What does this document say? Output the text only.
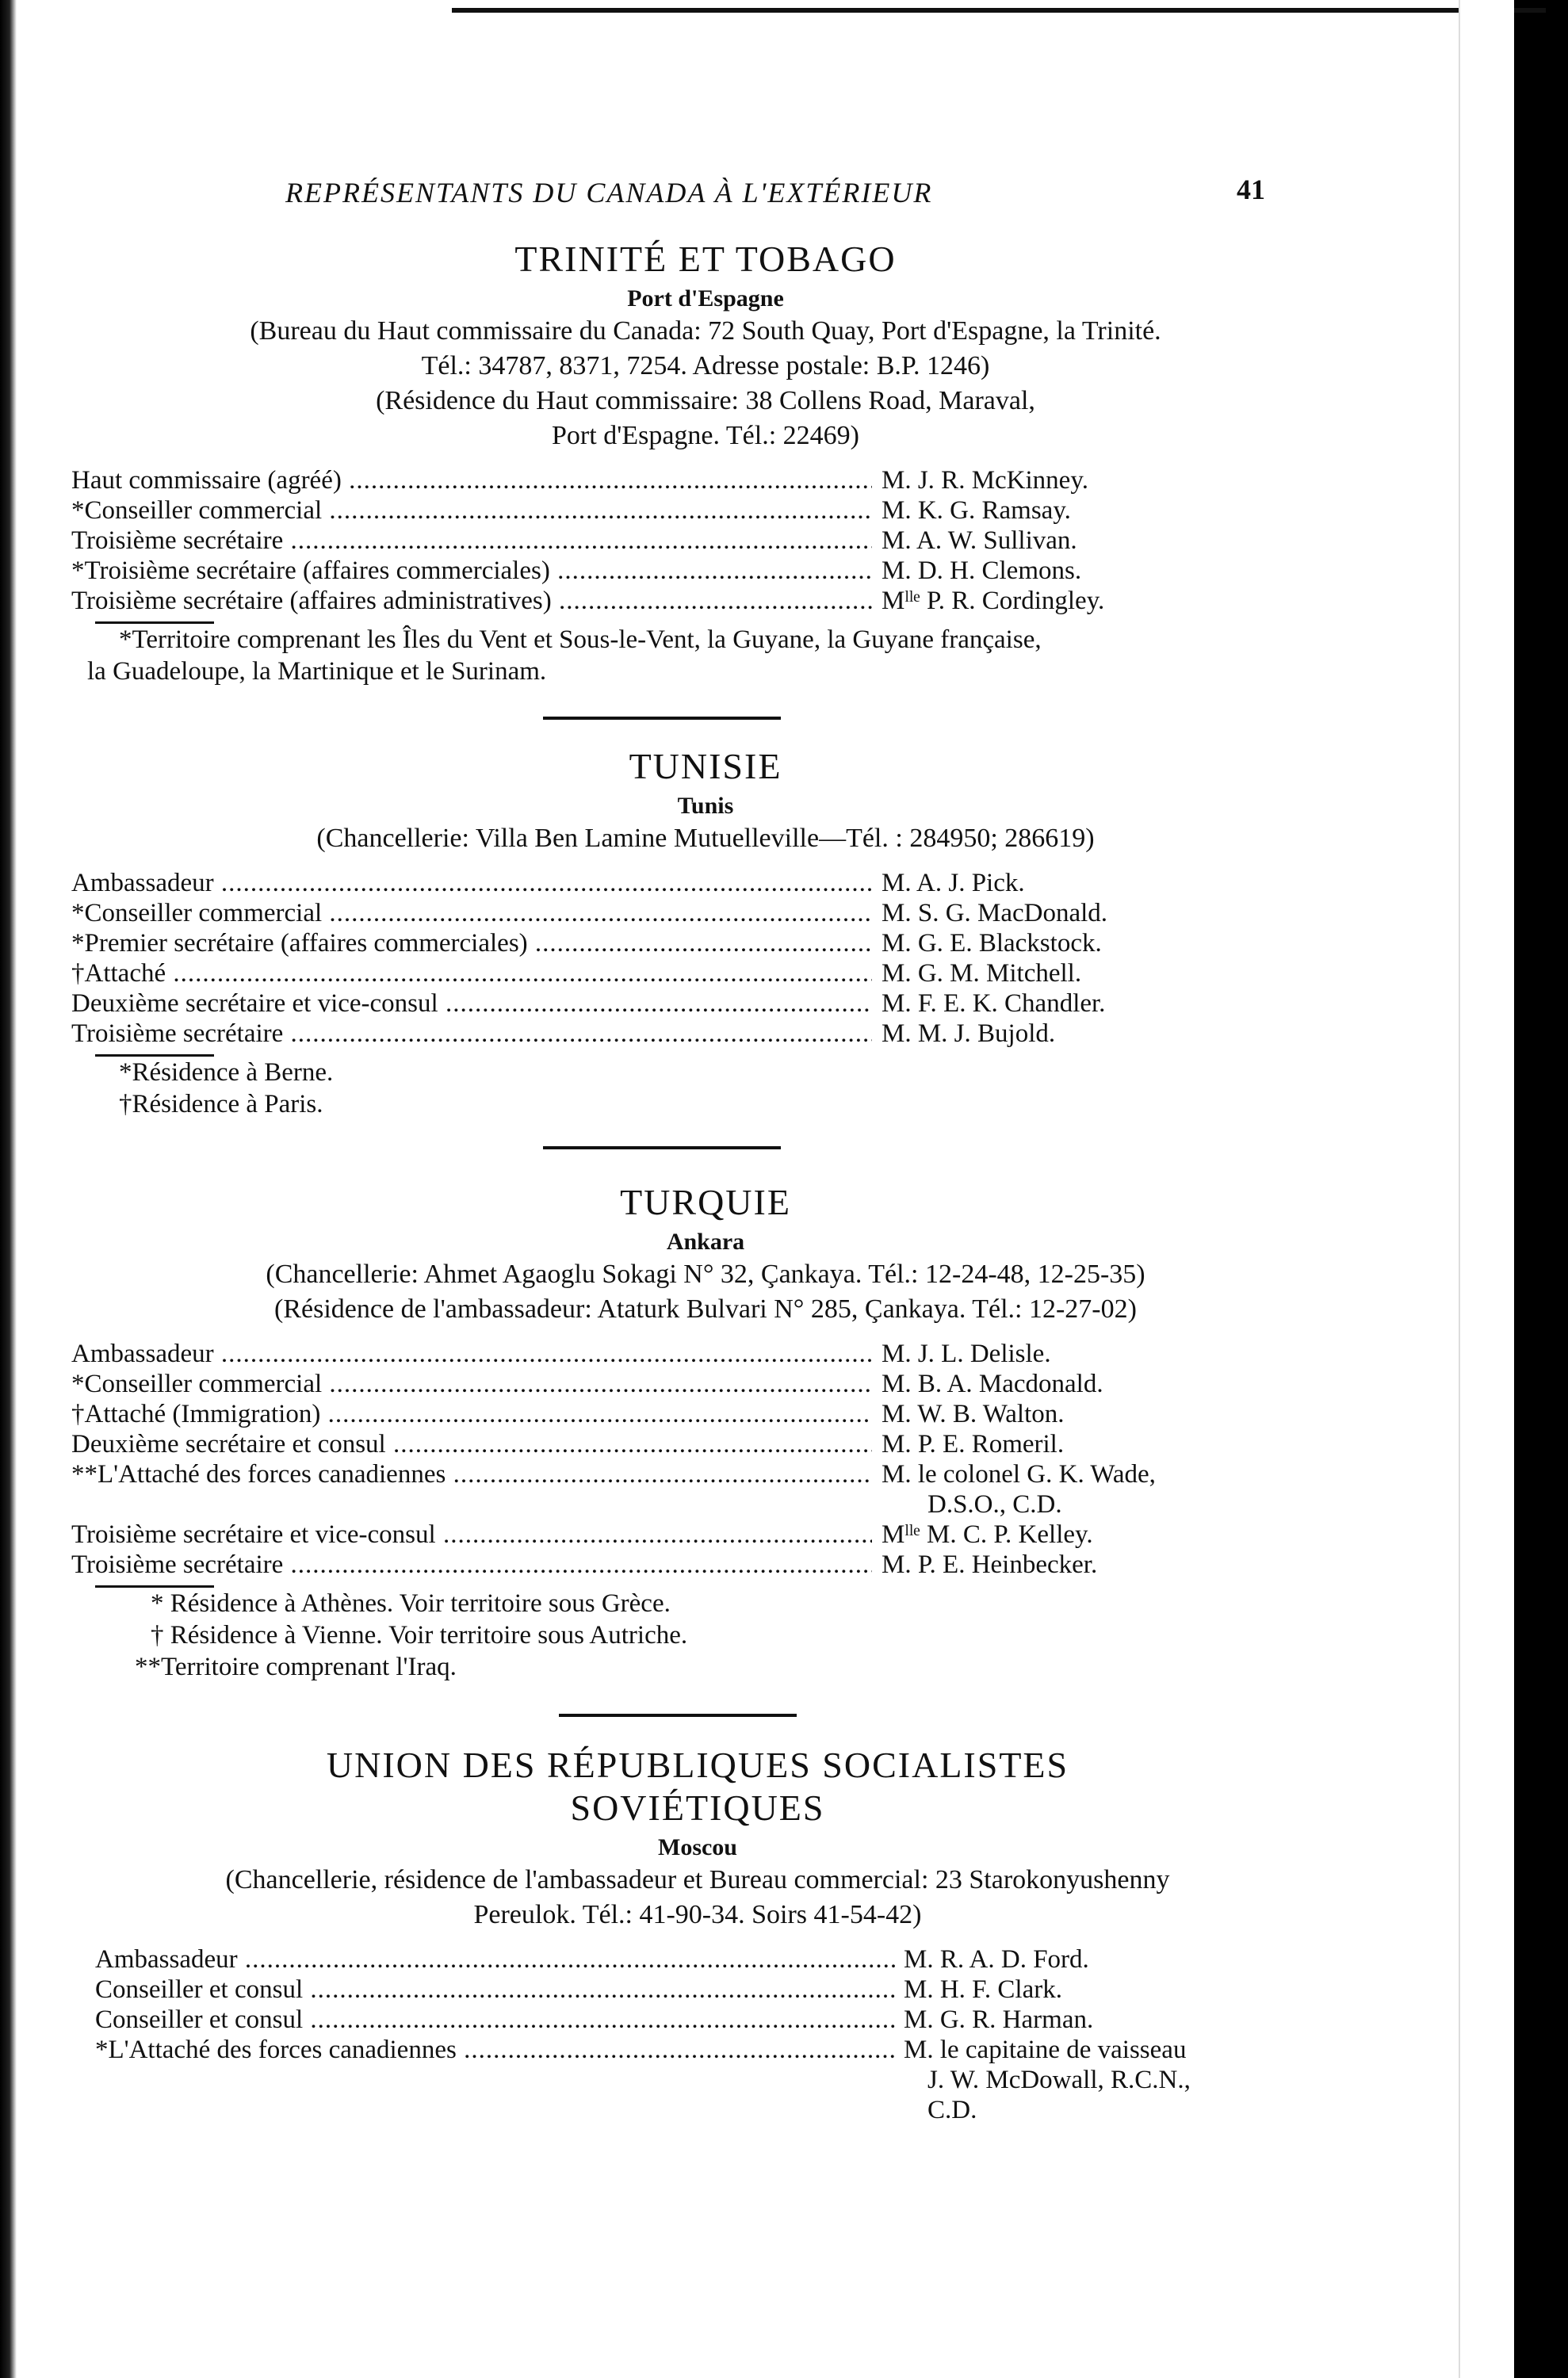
REPRÉSENTANTS DU CANADA À L'EXTÉRIEUR	41
TRINITÉ ET TOBAGO
Port d'Espagne
(Bureau du Haut commissaire du Canada: 72 South Quay, Port d'Espagne, la Trinité.
Tél.: 34787, 8371, 7254. Adresse postale: B.P. 1246)
(Résidence du Haut commissaire: 38 Collens Road, Maraval,
Port d'Espagne. Tél.: 22469)
Haut commissaire (agréé) .....	M. J. R. McKinney.
*Conseiller commercial .....	M. K. G. Ramsay.
Troisième secrétaire .....	M. A. W. Sullivan.
*Troisième secrétaire (affaires commerciales) .....	M. D. H. Clemons.
Troisième secrétaire (affaires administratives) .....	Mˡˡᵉ P. R. Cordingley.
*Territoire comprenant les Îles du Vent et Sous-le-Vent, la Guyane, la Guyane française,
la Guadeloupe, la Martinique et le Surinam.
TUNISIE
Tunis
(Chancellerie: Villa Ben Lamine Mutuelleville—Tél. : 284950; 286619)
Ambassadeur .....	M. A. J. Pick.
*Conseiller commercial .....	M. S. G. MacDonald.
*Premier secrétaire (affaires commerciales) .....	M. G. E. Blackstock.
†Attaché .....	M. G. M. Mitchell.
Deuxième secrétaire et vice-consul .....	M. F. E. K. Chandler.
Troisième secrétaire .....	M. M. J. Bujold.
*Résidence à Berne.
†Résidence à Paris.
TURQUIE
Ankara
(Chancellerie: Ahmet Agaoglu Sokagi N° 32, Çankaya. Tél.: 12-24-48, 12-25-35)
(Résidence de l'ambassadeur: Ataturk Bulvari N° 285, Çankaya. Tél.: 12-27-02)
Ambassadeur .....	M. J. L. Delisle.
*Conseiller commercial .....	M. B. A. Macdonald.
†Attaché (Immigration) .....	M. W. B. Walton.
Deuxième secrétaire et consul .....	M. P. E. Romeril.
**L'Attaché des forces canadiennes .....	M. le colonel G. K. Wade,
D.S.O., C.D.
Troisième secrétaire et vice-consul .....	Mˡˡᵉ M. C. P. Kelley.
Troisième secrétaire .....	M. P. E. Heinbecker.
* Résidence à Athènes. Voir territoire sous Grèce.
† Résidence à Vienne. Voir territoire sous Autriche.
**Territoire comprenant l'Iraq.
UNION DES RÉPUBLIQUES SOCIALISTES
SOVIÉTIQUES
Moscou
(Chancellerie, résidence de l'ambassadeur et Bureau commercial: 23 Starokonyushenny
Pereulok. Tél.: 41-90-34. Soirs 41-54-42)
Ambassadeur .....	M. R. A. D. Ford.
Conseiller et consul .....	M. H. F. Clark.
Conseiller et consul .....	M. G. R. Harman.
*L'Attaché des forces canadiennes .....	M. le capitaine de vaisseau
J. W. McDowall, R.C.N.,
C.D.
